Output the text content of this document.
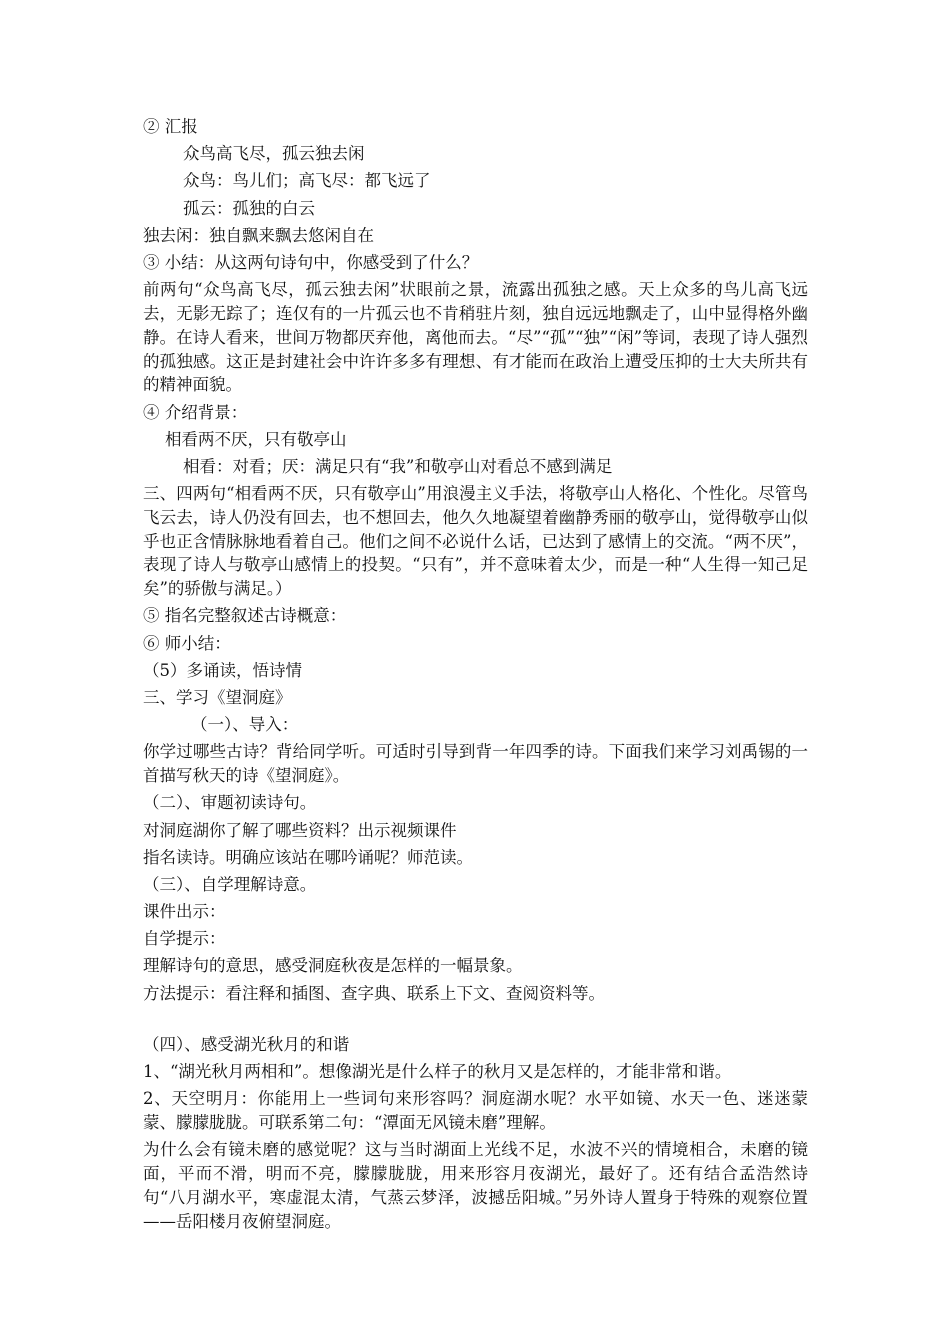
② 汇报
众鸟高飞尽，孤云独去闲
众鸟：鸟儿们；高飞尽：都飞远了
孤云：孤独的白云
独去闲：独自飘来飘去悠闲自在
③ 小结：从这两句诗句中，你感受到了什么？
前两句“众鸟高飞尽，孤云独去闲”状眼前之景，流露出孤独之感。天上众多的鸟儿高飞远去，无影无踪了；连仅有的一片孤云也不肯稍驻片刻，独自远远地飘走了，山中显得格外幽静。在诗人看来，世间万物都厌弃他，离他而去。“尽”“孤”“独”“闲”等词，表现了诗人强烈的孤独感。这正是封建社会中许许多多有理想、有才能而在政治上遭受压抑的士大夫所共有的精神面貌。
④ 介绍背景：
相看两不厌，只有敬亭山
相看：对看；厌：满足只有“我”和敬亭山对看总不感到满足
三、四两句“相看两不厌，只有敬亭山”用浪漫主义手法，将敬亭山人格化、个性化。尽管鸟飞云去，诗人仍没有回去，也不想回去，他久久地凝望着幽静秀丽的敬亭山，觉得敬亭山似乎也正含情脉脉地看着自己。他们之间不必说什么话，已达到了感情上的交流。“两不厌”，表现了诗人与敬亭山感情上的投契。“只有”，并不意味着太少，而是一种“人生得一知己足矣”的骄傲与满足。）
⑤ 指名完整叙述古诗概意：
⑥ 师小结：
（5）多诵读，悟诗情
三、学习《望洞庭》
（一）、导入：
你学过哪些古诗？背给同学听。可适时引导到背一年四季的诗。下面我们来学习刘禹锡的一首描写秋天的诗《望洞庭》。
（二）、审题初读诗句。
对洞庭湖你了解了哪些资料？出示视频课件
指名读诗。明确应该站在哪吟诵呢？师范读。
（三）、自学理解诗意。
课件出示：
自学提示：
理解诗句的意思，感受洞庭秋夜是怎样的一幅景象。
方法提示：看注释和插图、查字典、联系上下文、查阅资料等。
（四）、感受湖光秋月的和谐
1、“湖光秋月两相和”。想像湖光是什么样子的秋月又是怎样的，才能非常和谐。
2、天空明月：你能用上一些词句来形容吗？洞庭湖水呢？水平如镜、水天一色、迷迷蒙蒙、朦朦胧胧。可联系第二句：“潭面无风镜未磨”理解。
为什么会有镜未磨的感觉呢？这与当时湖面上光线不足，水波不兴的情境相合，未磨的镜面，平而不滑，明而不亮，朦朦胧胧，用来形容月夜湖光，最好了。还有结合孟浩然诗句“八月湖水平，寒虚混太清，气蒸云梦泽，波撼岳阳城。”另外诗人置身于特殊的观察位置——岳阳楼月夜俯望洞庭。
